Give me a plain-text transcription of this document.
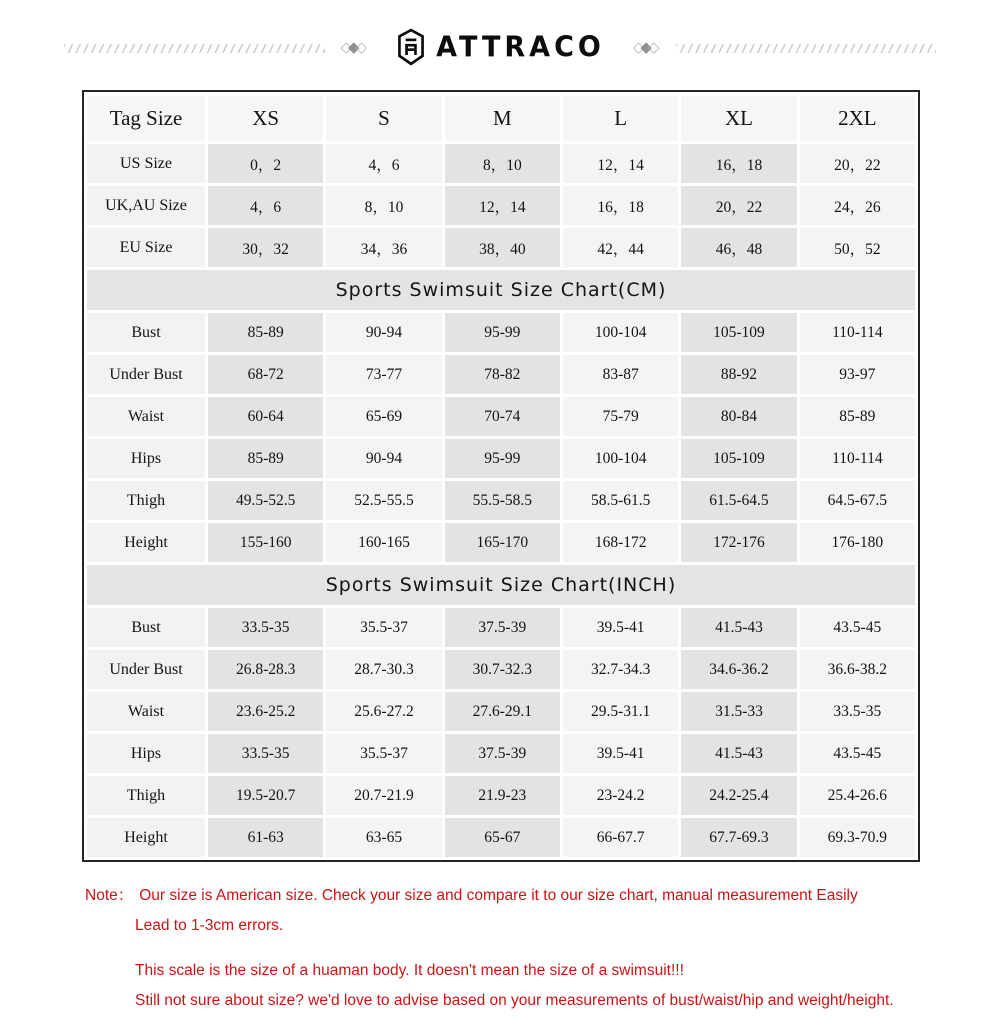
◇◆◇	ATTRACO ◇◆◇
Tag Size	XS	S	M	L	XL	2XL
US Size	0，2	4，6	8，10	12，14	16，18	20，22
UK,AU Size	4，6	8，10	12，14	16，18	20，22	24，26
EU Size	30，32	34，36	38，40	42，44	46，48	50，52
Sports Swimsuit Size Chart(CM)						
Bust	85-89	90-94	95-99	100-104	105-109	110-114
Under Bust	68-72	73-77	78-82	83-87	88-92	93-97
Waist	60-64	65-69	70-74	75-79	80-84	85-89
Hips	85-89	90-94	95-99	100-104	105-109	110-114
Thigh	49.5-52.5	52.5-55.5	55.5-58.5	58.5-61.5	61.5-64.5	64.5-67.5
Height	155-160	160-165	165-170	168-172	172-176	176-180
Sports Swimsuit Size Chart(INCH)						
Bust	33.5-35	35.5-37	37.5-39	39.5-41	41.5-43	43.5-45
Under Bust	26.8-28.3	28.7-30.3	30.7-32.3	32.7-34.3	34.6-36.2	36.6-38.2
Waist	23.6-25.2	25.6-27.2	27.6-29.1	29.5-31.1	31.5-33	33.5-35
Hips	33.5-35	35.5-37	37.5-39	39.5-41	41.5-43	43.5-45
Thigh	19.5-20.7	20.7-21.9	21.9-23	23-24.2	24.2-25.4	25.4-26.6
Height	61-63	63-65	65-67	66-67.7	67.7-69.3	69.3-70.9
Note： Our size is American size. Check your size and compare it to our size chart, manual measurement Easily
Lead to 1-3cm errors.
This scale is the size of a huaman body. It doesn't mean the size of a swimsuit!!!
Still not sure about size? we'd love to advise based on your measurements of bust/waist/hip and weight/height.
